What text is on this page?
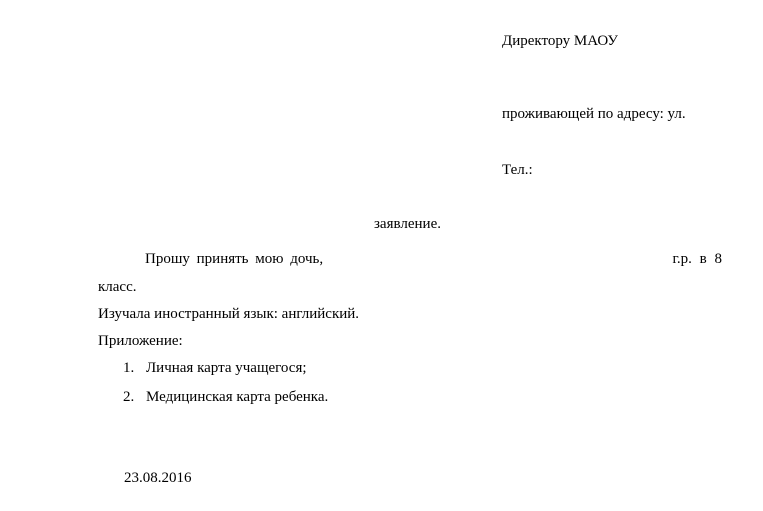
Директору МАОУ
проживающей по адресу: ул.
Тел.:
заявление.
Прошу принять мою дочь,	г.р. в 8
класс.
Изучала иностранный язык: английский.
Приложение:
1. Личная карта учащегося;
2. Медицинская карта ребенка.
23.08.2016
